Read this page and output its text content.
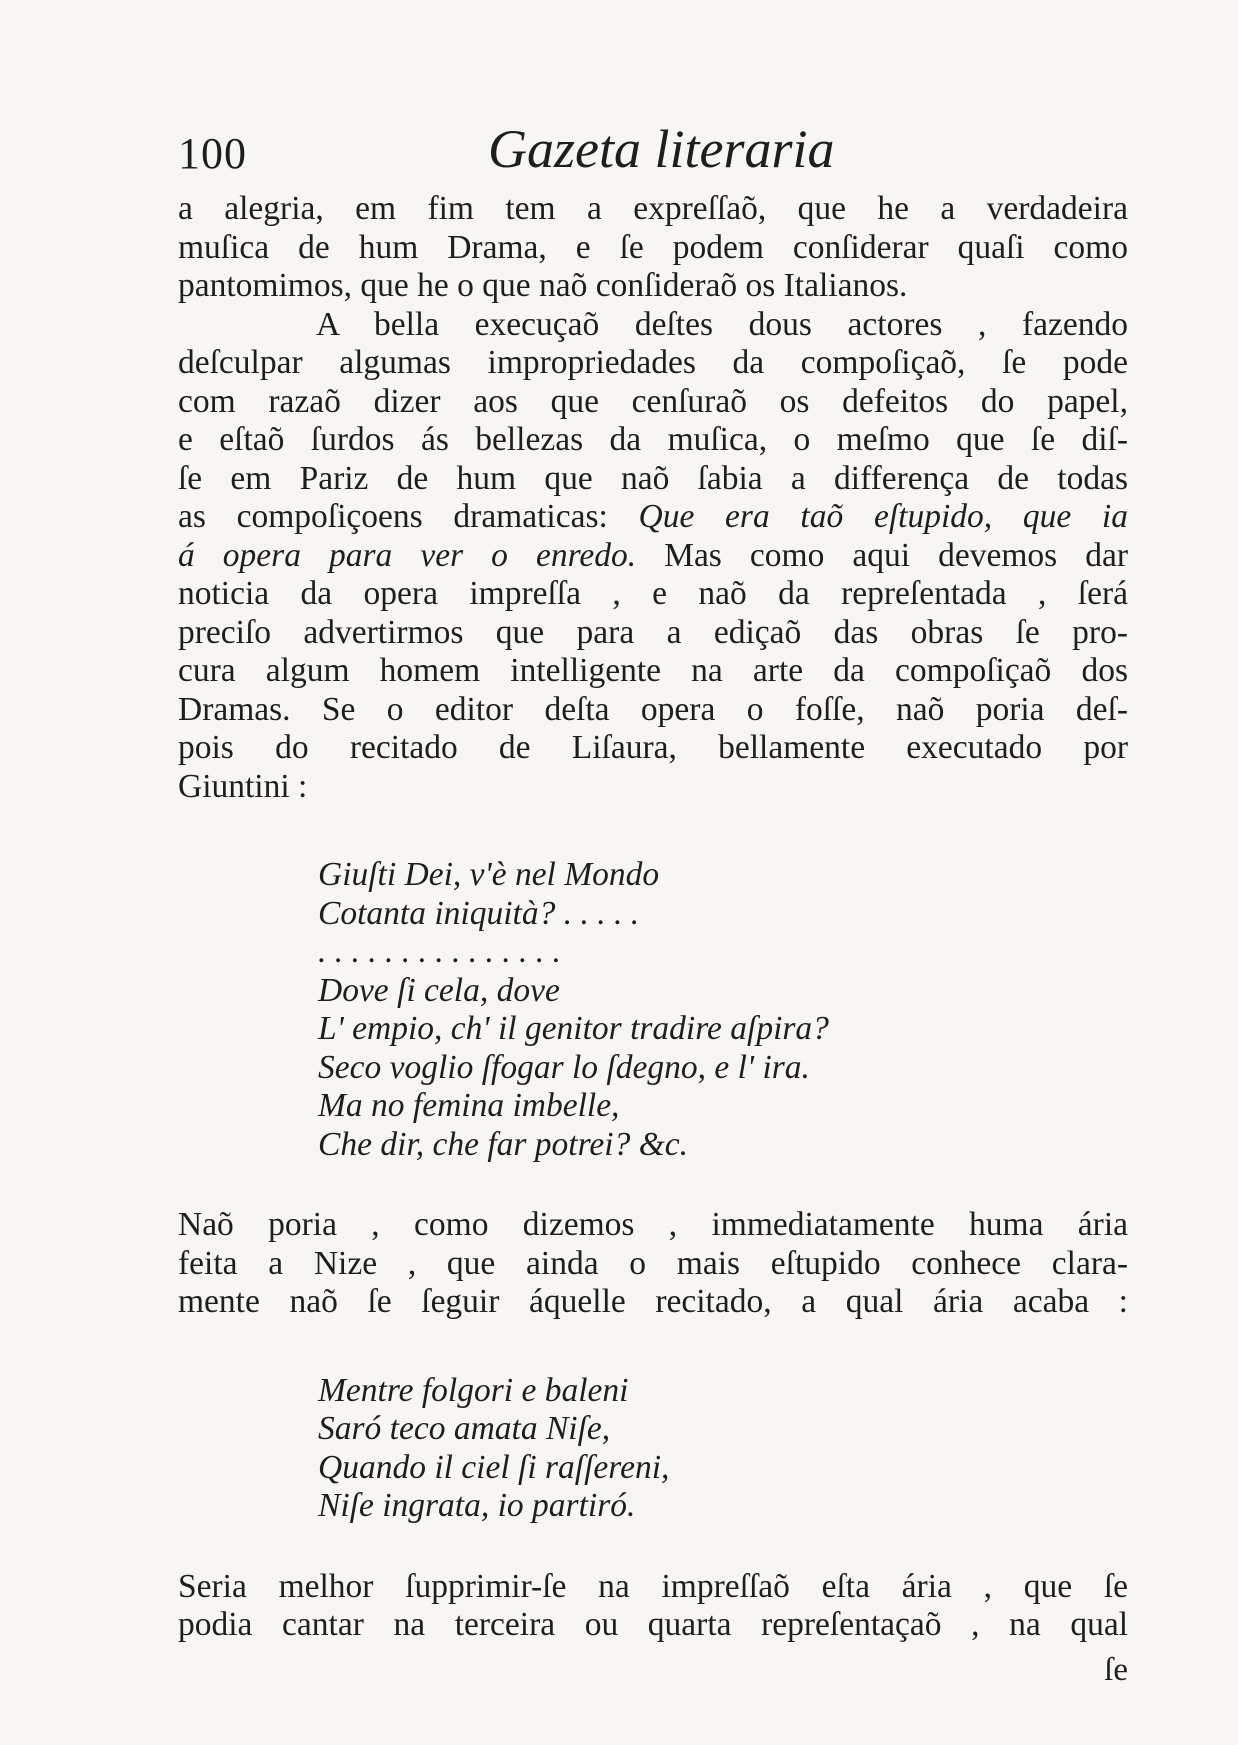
100	Gazeta literaria

a alegria, em fim tem a expreſſaõ, que he a verdadeira
muſica de hum Drama, e ſe podem conſiderar quaſi como
pantomimos, que he o que naõ conſideraõ os Italianos.

A bella execuçaõ deſtes dous actores , fazendo
deſculpar algumas impropriedades da compoſiçaõ, ſe pode
com razaõ dizer aos que cenſuraõ os defeitos do papel,
e eſtaõ ſurdos ás bellezas da muſica, o meſmo que ſe diſ-
ſe em Pariz de hum que naõ ſabia a differença de todas
as compoſiçoens dramaticas: Que era taõ eſtupido, que ia
á opera para ver o enredo. Mas como aqui devemos dar
noticia da opera impreſſa , e naõ da repreſentada , ſerá
preciſo advertirmos que para a ediçaõ das obras ſe pro-
cura algum homem intelligente na arte da compoſiçaõ dos
Dramas. Se o editor deſta opera o foſſe, naõ poria deſ-
pois do recitado de Liſaura, bellamente executado por
Giuntini :

Giuſti Dei, v'è nel Mondo
Cotanta iniquità? . . . . .
. . . . . . . . . . . . . . .
Dove ſi cela, dove
L' empio, ch' il genitor tradire aſpira?
Seco voglio ſfogar lo ſdegno, e l' ira.
Ma no femina imbelle,
Che dir, che far potrei? &c.

Naõ poria , como dizemos , immediatamente huma ária
feita a Nize , que ainda o mais eſtupido conhece clara-
mente naõ ſe ſeguir áquelle recitado, a qual ária acaba :

Mentre folgori e baleni
Saró teco amata Niſe,
Quando il ciel ſi raſſereni,
Niſe ingrata, io partiró.

Seria melhor ſupprimir-ſe na impreſſaõ eſta ária , que ſe
podia cantar na terceira ou quarta repreſentaçaõ , na qual

ſe
